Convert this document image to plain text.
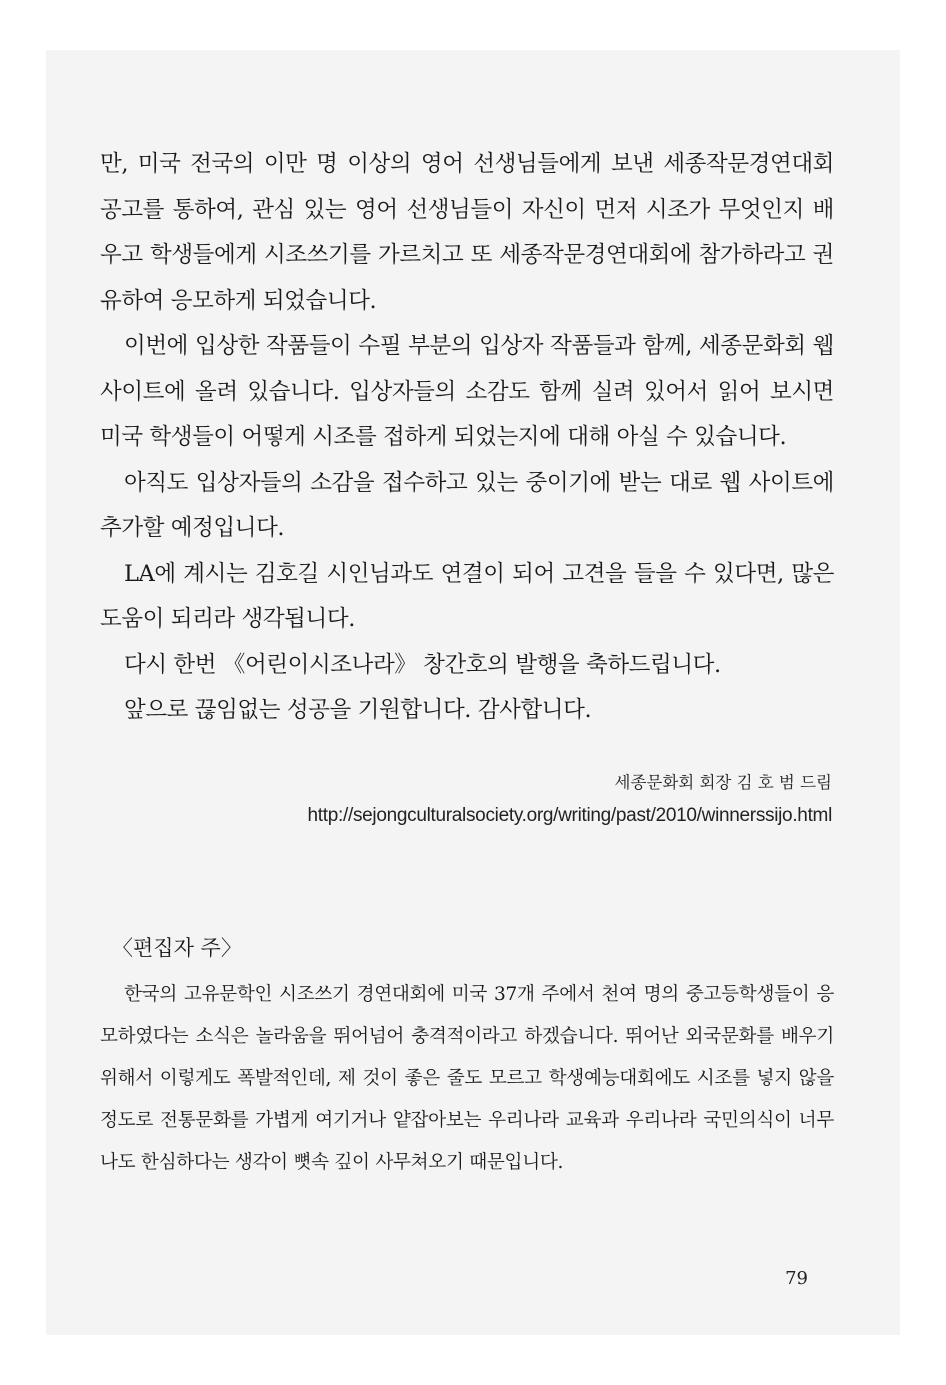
만, 미국 전국의 이만 명 이상의 영어 선생님들에게 보낸 세종작문경연대회 공고를 통하여, 관심 있는 영어 선생님들이 자신이 먼저 시조가 무엇인지 배우고 학생들에게 시조쓰기를 가르치고 또 세종작문경연대회에 참가하라고 권유하여 응모하게 되었습니다.

이번에 입상한 작품들이 수필 부분의 입상자 작품들과 함께, 세종문화회 웹사이트에 올려 있습니다. 입상자들의 소감도 함께 실려 있어서 읽어 보시면 미국 학생들이 어떻게 시조를 접하게 되었는지에 대해 아실 수 있습니다.

아직도 입상자들의 소감을 접수하고 있는 중이기에 받는 대로 웹 사이트에 추가할 예정입니다.

LA에 계시는 김호길 시인님과도 연결이 되어 고견을 들을 수 있다면, 많은 도움이 되리라 생각됩니다.

다시 한번 《어린이시조나라》 창간호의 발행을 축하드립니다.

앞으로 끊임없는 성공을 기원합니다. 감사합니다.

세종문화회 회장 김 호 범 드림
http://sejongculturalsociety.org/writing/past/2010/winnerssijo.html
〈편집자 주〉

한국의 고유문학인 시조쓰기 경연대회에 미국 37개 주에서 천여 명의 중고등학생들이 응모하였다는 소식은 놀라움을 뛰어넘어 충격적이라고 하겠습니다. 뛰어난 외국문화를 배우기 위해서 이렇게도 폭발적인데, 제 것이 좋은 줄도 모르고 학생예능대회에도 시조를 넣지 않을 정도로 전통문화를 가볍게 여기거나 얕잡아보는 우리나라 교육과 우리나라 국민의식이 너무나도 한심하다는 생각이 뼛속 깊이 사무쳐오기 때문입니다.

79
